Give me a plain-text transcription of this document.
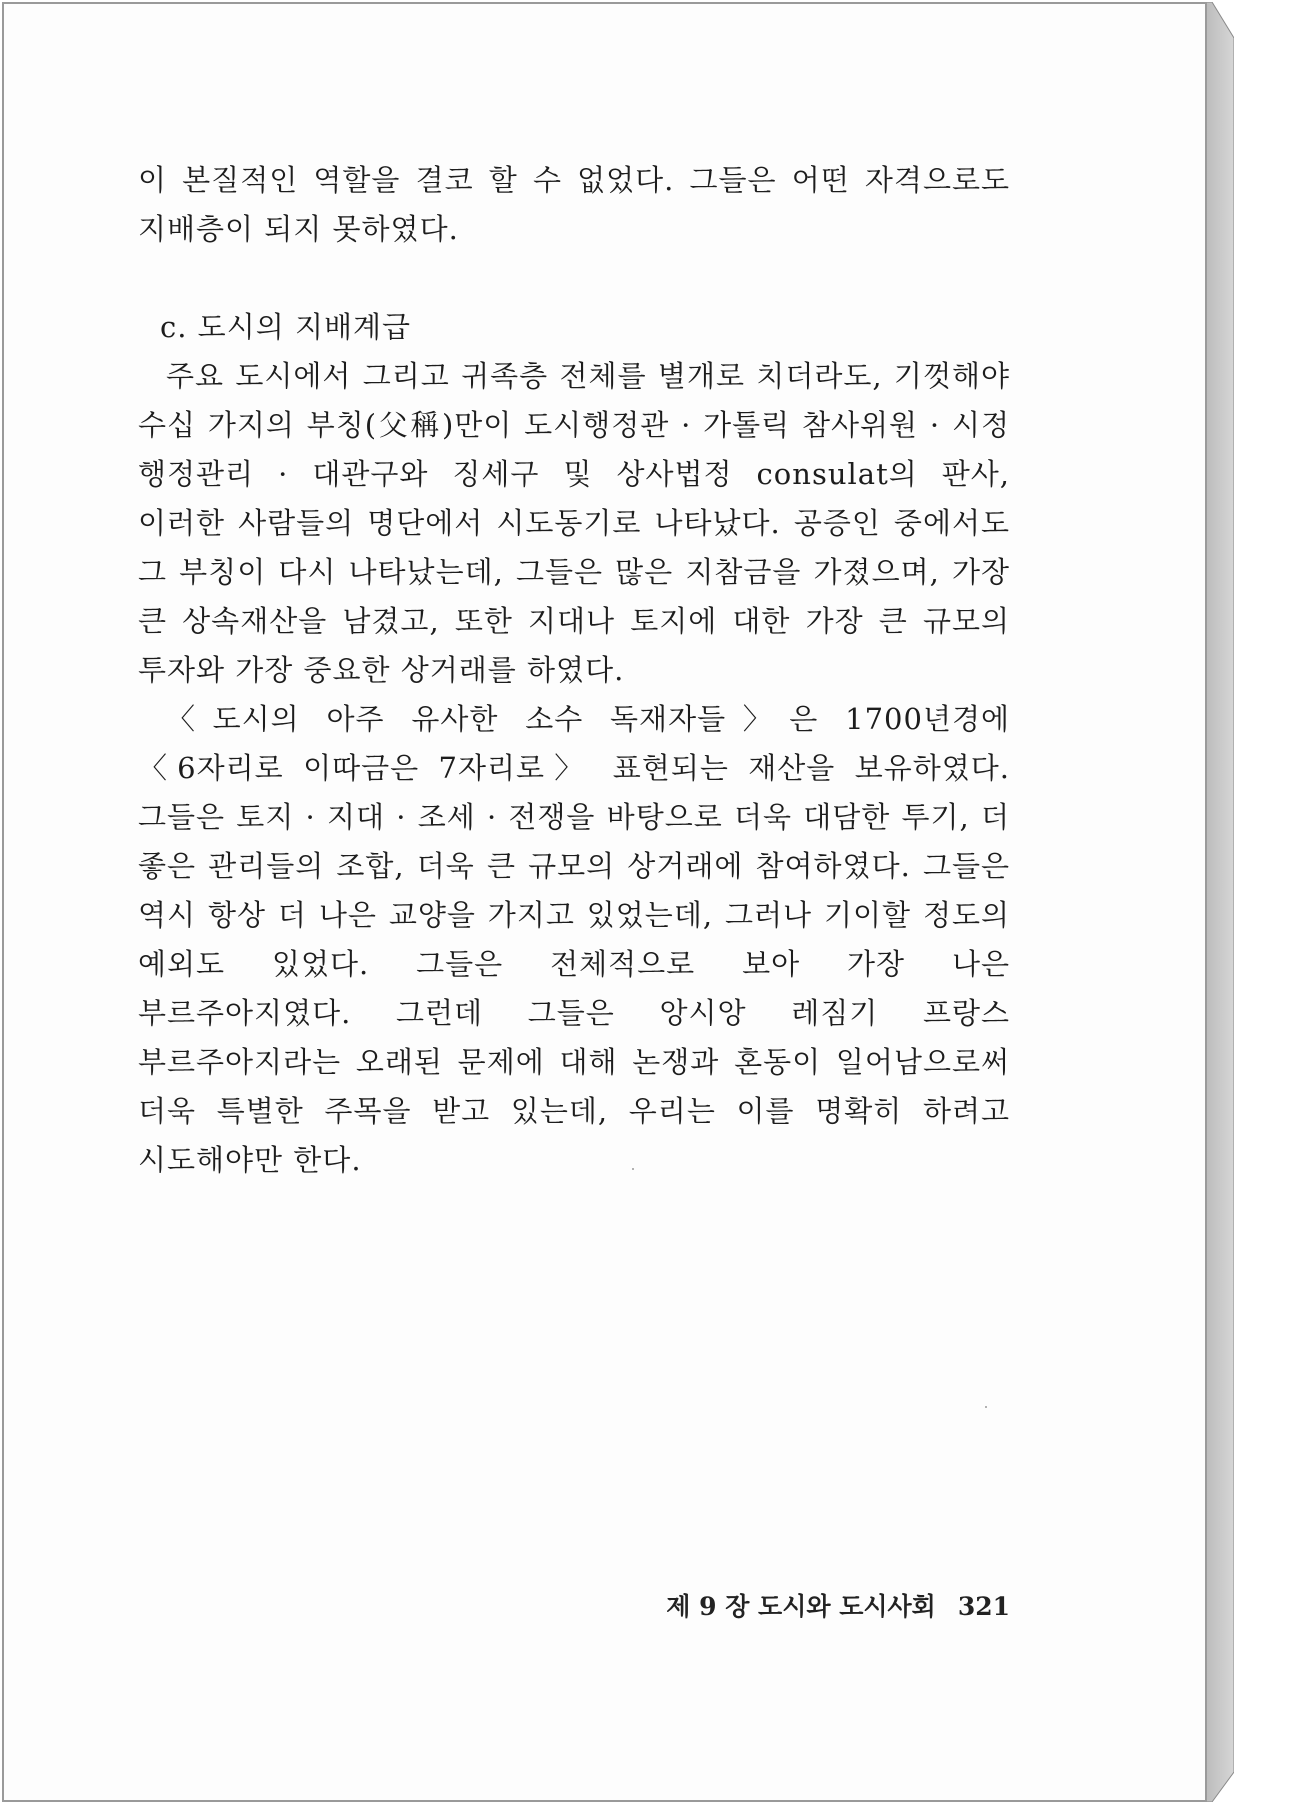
이 본질적인 역할을 결코 할 수 없었다. 그들은 어떤 자격으로도 지배층이 되지 못하였다.

c. 도시의 지배계급

주요 도시에서 그리고 귀족층 전체를 별개로 치더라도, 기껏해야 수십 가지의 부칭(父稱)만이 도시행정관 · 가톨릭 참사위원 · 시정 행정관리 · 대관구와 징세구 및 상사법정 consulat의 판사, 이러한 사람들의 명단에서 시도동기로 나타났다. 공증인 중에서도 그 부칭이 다시 나타났는데, 그들은 많은 지참금을 가졌으며, 가장 큰 상속재산을 남겼고, 또한 지대나 토지에 대한 가장 큰 규모의 투자와 가장 중요한 상거래를 하였다.

〈도시의 아주 유사한 소수 독재자들〉은 1700년경에 〈6자리로 이따금은 7자리로〉 표현되는 재산을 보유하였다. 그들은 토지 · 지대 · 조세 · 전쟁을 바탕으로 더욱 대담한 투기, 더 좋은 관리들의 조합, 더욱 큰 규모의 상거래에 참여하였다. 그들은 역시 항상 더 나은 교양을 가지고 있었는데, 그러나 기이할 정도의 예외도 있었다. 그들은 전체적으로 보아 가장 나은 부르주아지였다. 그런데 그들은 앙시앙 레짐기 프랑스 부르주아지라는 오래된 문제에 대해 논쟁과 혼동이 일어남으로써 더욱 특별한 주목을 받고 있는데, 우리는 이를 명확히 하려고 시도해야만 한다.

제 9 장 도시와 도시사회 321
